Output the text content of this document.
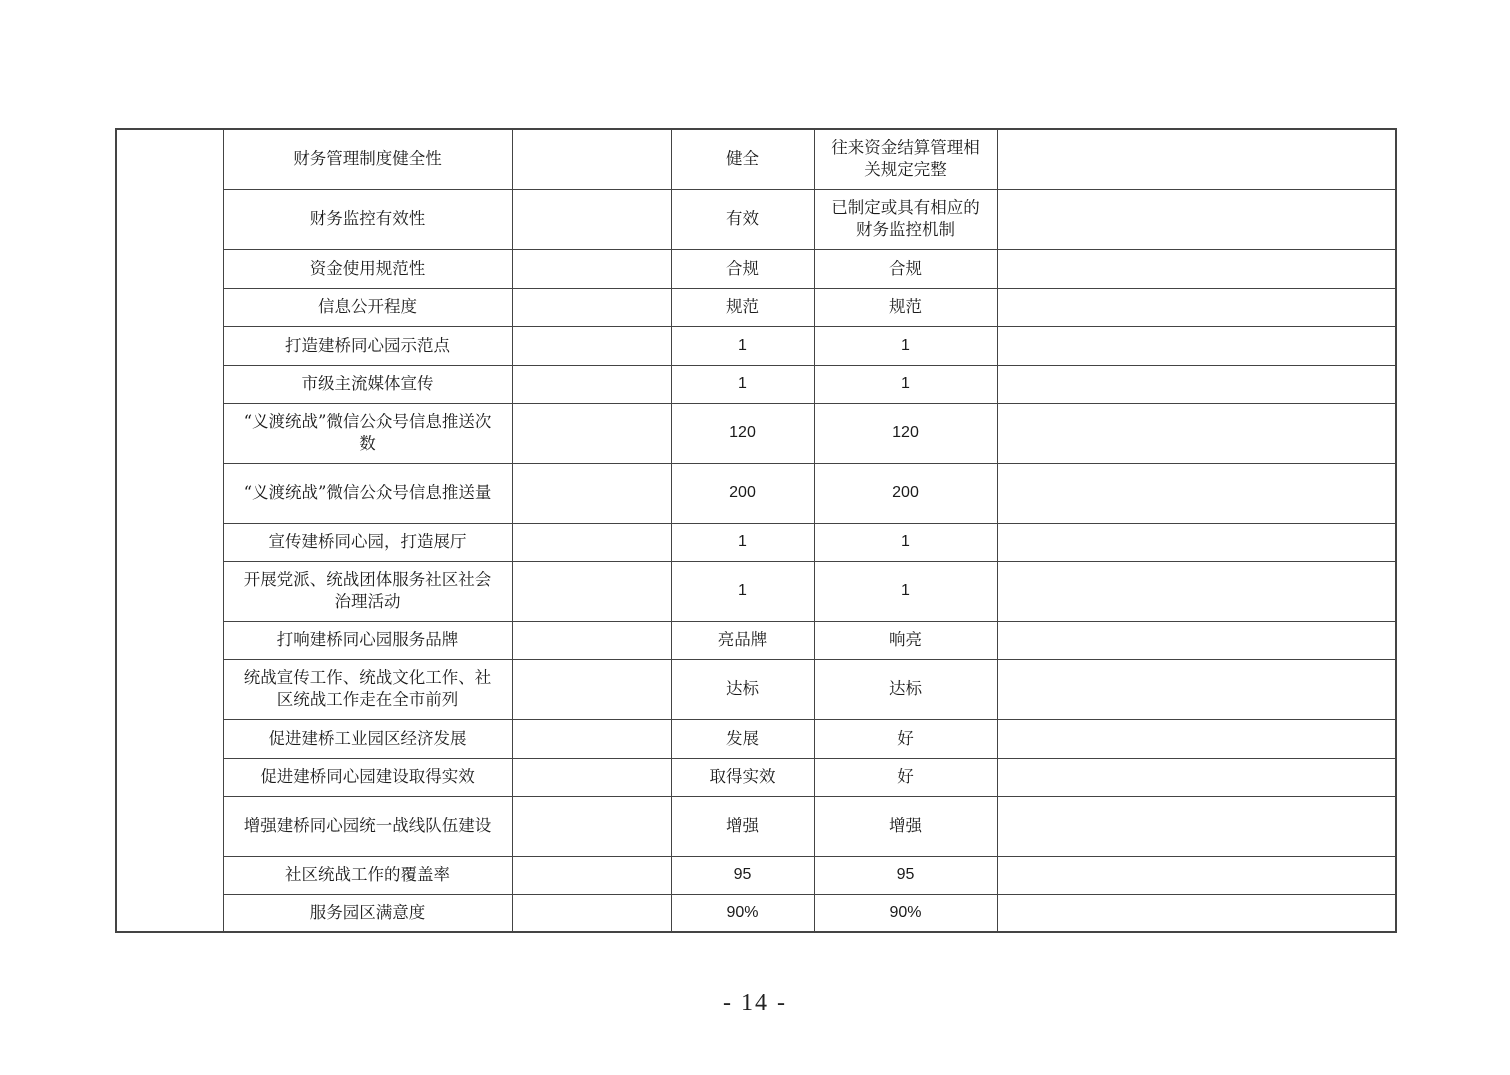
	财务管理制度健全性		健全	往来资金结算管理相关规定完整	
	财务监控有效性		有效	已制定或具有相应的财务监控机制	
	资金使用规范性		合规	合规	
	信息公开程度		规范	规范	
	打造建桥同心园示范点		1	1	
	市级主流媒体宣传		1	1	
	“义渡统战”微信公众号信息推送次数		120	120	
	“义渡统战”微信公众号信息推送量		200	200	
	宣传建桥同心园，打造展厅		1	1	
	开展党派、统战团体服务社区社会治理活动		1	1	
	打响建桥同心园服务品牌		亮品牌	响亮	
	统战宣传工作、统战文化工作、社区统战工作走在全市前列		达标	达标	
	促进建桥工业园区经济发展		发展	好	
	促进建桥同心园建设取得实效		取得实效	好	
	增强建桥同心园统一战线队伍建设		增强	增强	
	社区统战工作的覆盖率		95	95	
	服务园区满意度		90%	90%	
- 14 -
